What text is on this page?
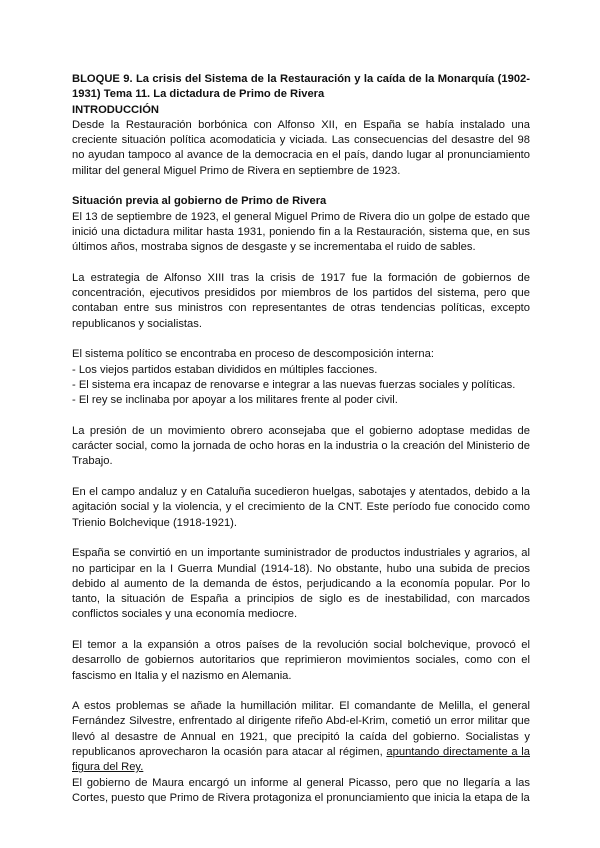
BLOQUE 9. La crisis del Sistema de la Restauración y la caída de la Monarquía (1902-1931) Tema 11. La dictadura de Primo de Rivera

INTRODUCCIÓN

Desde la Restauración borbónica con Alfonso XII, en España se había instalado una creciente situación política acomodaticia y viciada. Las consecuencias del desastre del 98 no ayudan tampoco al avance de la democracia en el país, dando lugar al pronunciamiento militar del general Miguel Primo de Rivera en septiembre de 1923.

Situación previa al gobierno de Primo de Rivera

El 13 de septiembre de 1923, el general Miguel Primo de Rivera dio un golpe de estado que inició una dictadura militar hasta 1931, poniendo fin a la Restauración, sistema que, en sus últimos años, mostraba signos de desgaste y se incrementaba el ruido de sables.

La estrategia de Alfonso XIII tras la crisis de 1917 fue la formación de gobiernos de concentración, ejecutivos presididos por miembros de los partidos del sistema, pero que contaban entre sus ministros con representantes de otras tendencias políticas, excepto republicanos y socialistas.

El sistema político se encontraba en proceso de descomposición interna:

- Los viejos partidos estaban divididos en múltiples facciones.

- El sistema era incapaz de renovarse e integrar a las nuevas fuerzas sociales y políticas.

- El rey se inclinaba por apoyar a los militares frente al poder civil.

La presión de un movimiento obrero aconsejaba que el gobierno adoptase medidas de carácter social, como la jornada de ocho horas en la industria o la creación del Ministerio de Trabajo.

En el campo andaluz y en Cataluña sucedieron huelgas, sabotajes y atentados, debido a la agitación social y la violencia, y el crecimiento de la CNT. Este período fue conocido como Trienio Bolchevique (1918-1921).

España se convirtió en un importante suministrador de productos industriales y agrarios, al no participar en la I Guerra Mundial (1914-18). No obstante, hubo una subida de precios debido al aumento de la demanda de éstos, perjudicando a la economía popular. Por lo tanto, la situación de España a principios de siglo es de inestabilidad, con marcados conflictos sociales y una economía mediocre.

El temor a la expansión a otros países de la revolución social bolchevique, provocó el desarrollo de gobiernos autoritarios que reprimieron movimientos sociales, como con el fascismo en Italia y el nazismo en Alemania.

A estos problemas se añade la humillación militar. El comandante de Melilla, el general Fernández Silvestre, enfrentado al dirigente rifeño Abd-el-Krim, cometió un error militar que llevó al desastre de Annual en 1921, que precipitó la caída del gobierno. Socialistas y republicanos aprovecharon la ocasión para atacar al régimen, apuntando directamente a la figura del Rey.

El gobierno de Maura encargó un informe al general Picasso, pero que no llegaría a las Cortes, puesto que Primo de Rivera protagoniza el pronunciamiento que inicia la etapa de la
